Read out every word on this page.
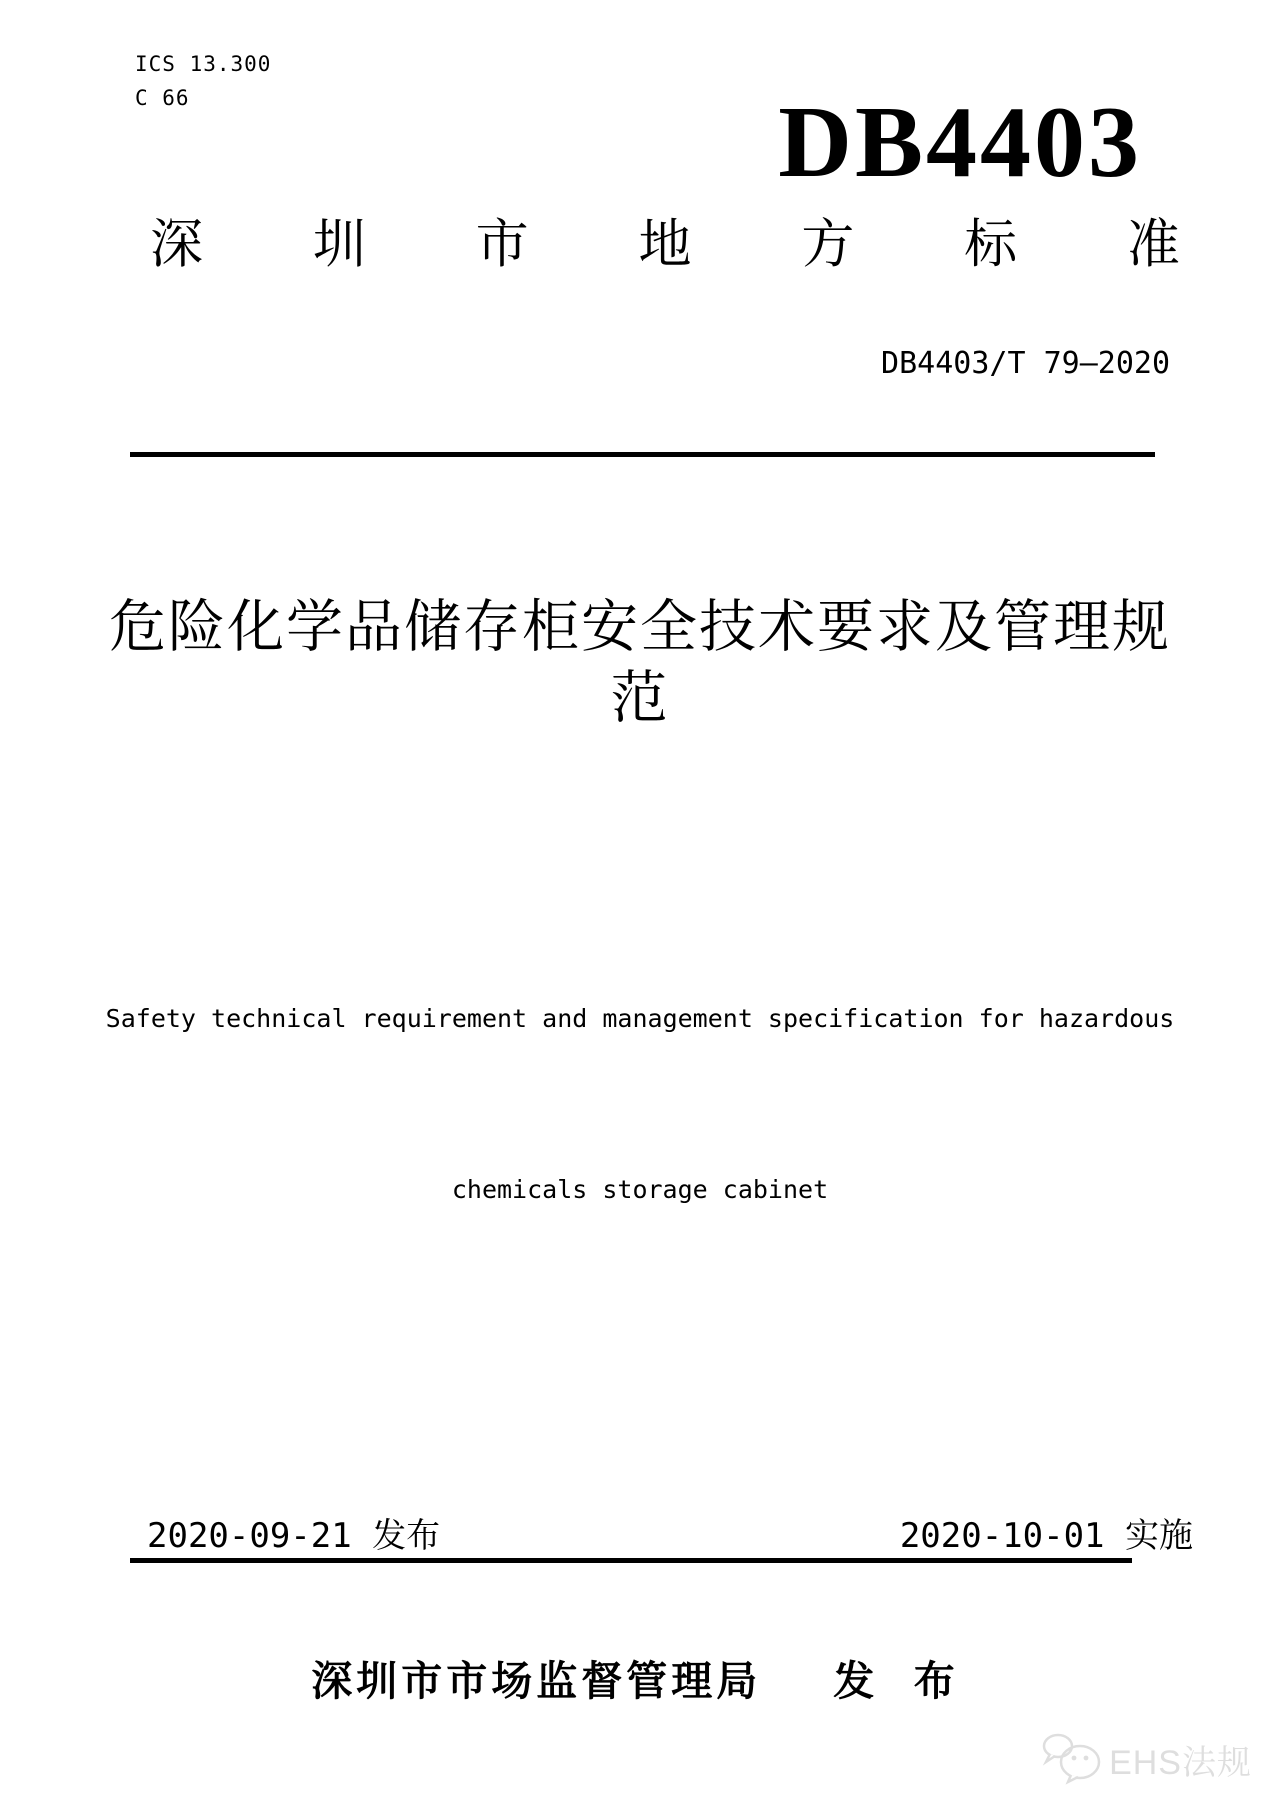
ICS 13.300
C 66	DB4403
深 圳 市 地 方 标 准
DB4403/T 79—2020
危险化学品储存柜安全技术要求及管理规
范

Safety technical requirement and management specification for hazardous

chemicals storage cabinet

2020-09-21 发布	2020-10-01 实施
深圳市市场监督管理局 发 布
EHS法规
